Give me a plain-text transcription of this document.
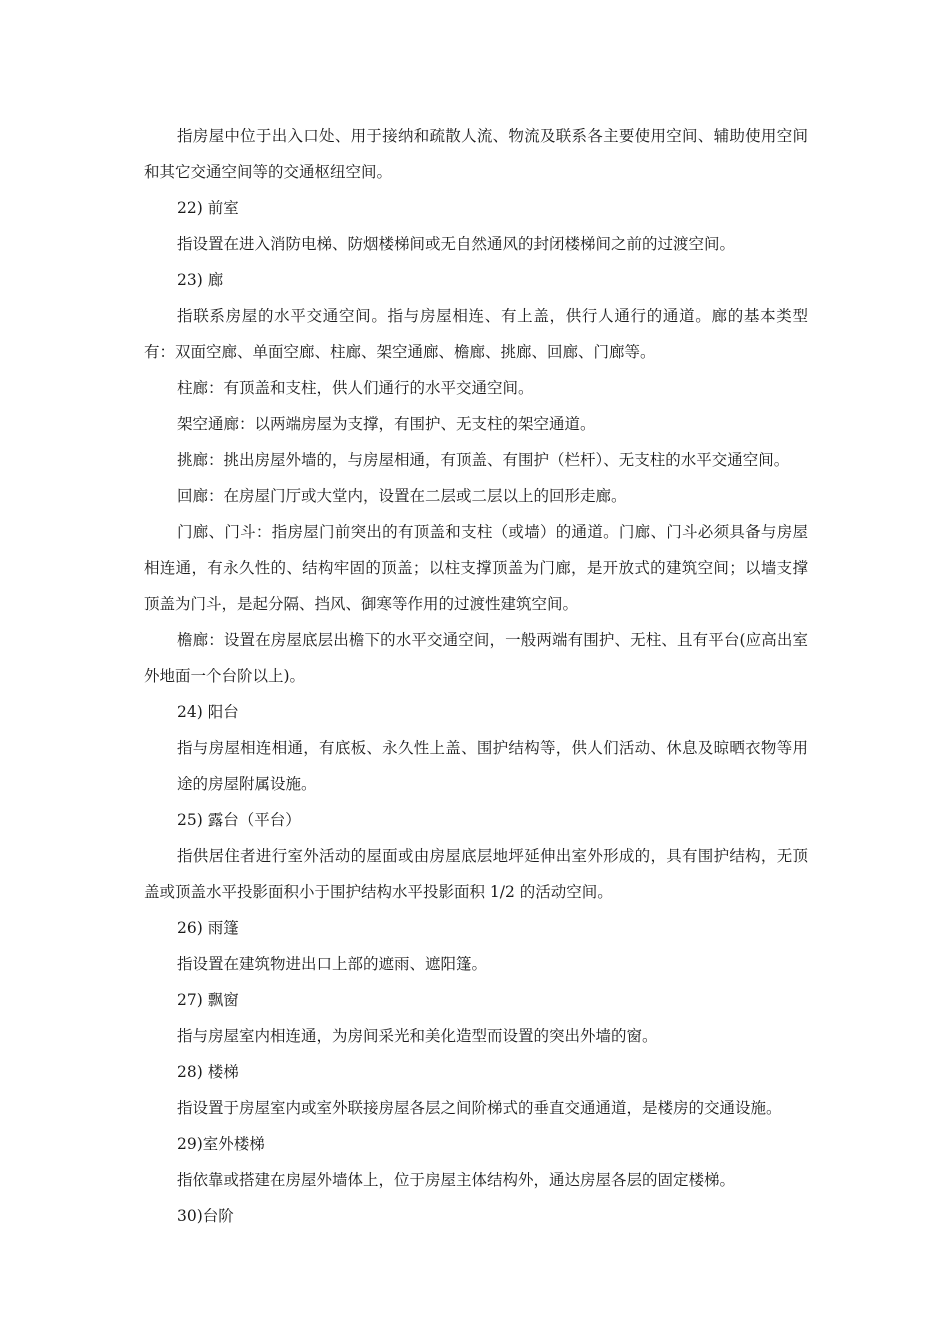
指房屋中位于出入口处、用于接纳和疏散人流、物流及联系各主要使用空间、辅助使用空间和其它交通空间等的交通枢纽空间。

22) 前室

指设置在进入消防电梯、防烟楼梯间或无自然通风的封闭楼梯间之前的过渡空间。

23) 廊

指联系房屋的水平交通空间。指与房屋相连、有上盖，供行人通行的通道。廊的基本类型有：双面空廊、单面空廊、柱廊、架空通廊、檐廊、挑廊、回廊、门廊等。

柱廊：有顶盖和支柱，供人们通行的水平交通空间。

架空通廊：以两端房屋为支撑，有围护、无支柱的架空通道。

挑廊：挑出房屋外墙的，与房屋相通，有顶盖、有围护（栏杆）、无支柱的水平交通空间。

回廊：在房屋门厅或大堂内，设置在二层或二层以上的回形走廊。

门廊、门斗：指房屋门前突出的有顶盖和支柱（或墙）的通道。门廊、门斗必须具备与房屋相连通，有永久性的、结构牢固的顶盖；以柱支撑顶盖为门廊，是开放式的建筑空间；以墙支撑顶盖为门斗，是起分隔、挡风、御寒等作用的过渡性建筑空间。

檐廊：设置在房屋底层出檐下的水平交通空间，一般两端有围护、无柱、且有平台(应高出室外地面一个台阶以上)。

24) 阳台

指与房屋相连相通，有底板、永久性上盖、围护结构等，供人们活动、休息及晾晒衣物等用途的房屋附属设施。

25) 露台（平台）

指供居住者进行室外活动的屋面或由房屋底层地坪延伸出室外形成的，具有围护结构，无顶盖或顶盖水平投影面积小于围护结构水平投影面积 1/2 的活动空间。

26) 雨篷

指设置在建筑物进出口上部的遮雨、遮阳篷。

27) 飘窗

指与房屋室内相连通，为房间采光和美化造型而设置的突出外墙的窗。

28) 楼梯

指设置于房屋室内或室外联接房屋各层之间阶梯式的垂直交通通道，是楼房的交通设施。

29)室外楼梯

指依靠或搭建在房屋外墙体上，位于房屋主体结构外，通达房屋各层的固定楼梯。

30)台阶
